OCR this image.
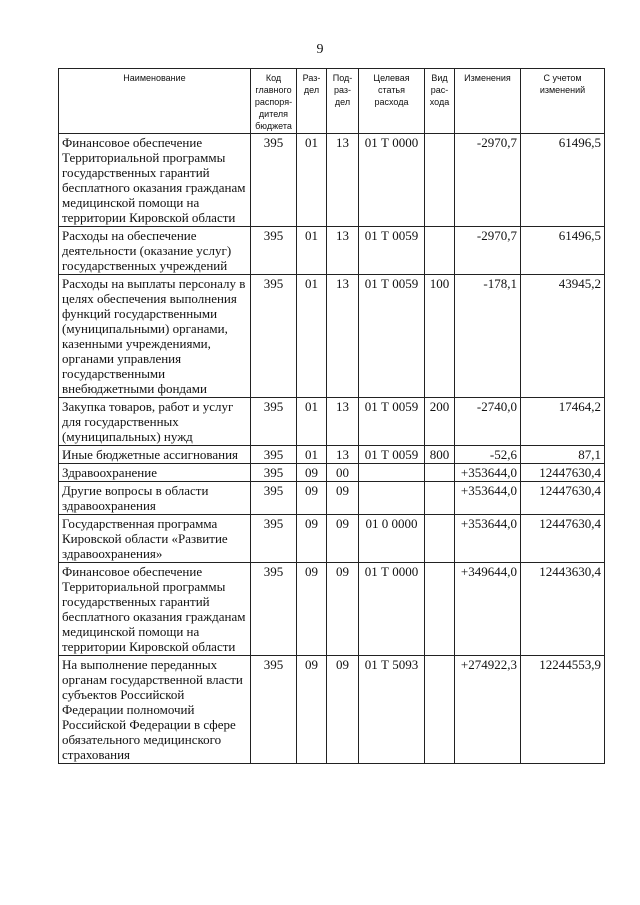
9
Наименование	Код главного распоря-дителя бюджета	Раз-дел	Под-раз-дел	Целевая статья расхода	Вид рас-хода	Изменения	С учетом изменений
Финансовое обеспечение Территориальной программы государственных гарантий бесплатного оказания гражданам медицинской помощи на территории Кировской области	395	01	13	01 Т 0000		-2970,7	61496,5
Расходы на обеспечение деятельности (оказание услуг) государственных учреждений	395	01	13	01 Т 0059		-2970,7	61496,5
Расходы на выплаты персоналу в целях обеспечения выполнения функций государственными (муниципальными) органами, казенными учреждениями, органами управления государственными внебюджетными фондами	395	01	13	01 Т 0059	100	-178,1	43945,2
Закупка товаров, работ и услуг для государственных (муниципальных) нужд	395	01	13	01 Т 0059	200	-2740,0	17464,2
Иные бюджетные ассигнования	395	01	13	01 Т 0059	800	-52,6	87,1
Здравоохранение	395	09	00			+353644,0	12447630,4
Другие вопросы в области здравоохранения	395	09	09			+353644,0	12447630,4
Государственная программа Кировской области «Развитие здравоохранения»	395	09	09	01 0 0000		+353644,0	12447630,4
Финансовое обеспечение Территориальной программы государственных гарантий бесплатного оказания гражданам медицинской помощи на территории Кировской области	395	09	09	01 Т 0000		+349644,0	12443630,4
На выполнение переданных органам государственной власти субъектов Российской Федерации полномочий Российской Федерации в сфере обязательного медицинского страхования	395	09	09	01 Т 5093		+274922,3	12244553,9
